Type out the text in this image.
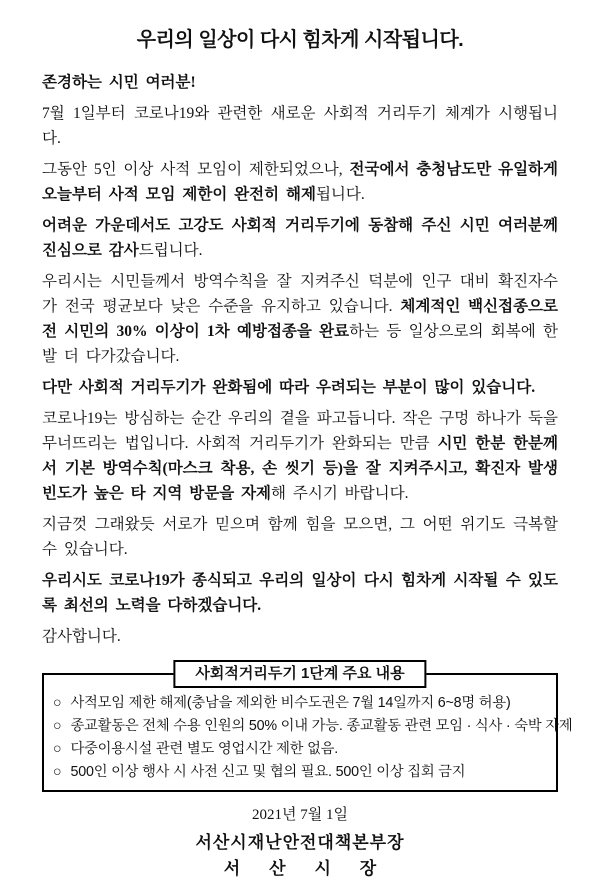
우리의 일상이 다시 힘차게 시작됩니다.

존경하는 시민 여러분!

7월 1일부터 코로나19와 관련한 새로운 사회적 거리두기 체계가 시행됩니다.

그동안 5인 이상 사적 모임이 제한되었으나, 전국에서 충청남도만 유일하게 오늘부터 사적 모임 제한이 완전히 해제됩니다.

어려운 가운데서도 고강도 사회적 거리두기에 동참해 주신 시민 여러분께 진심으로 감사드립니다.

우리시는 시민들께서 방역수칙을 잘 지켜주신 덕분에 인구 대비 확진자수가 전국 평균보다 낮은 수준을 유지하고 있습니다. 체계적인 백신접종으로 전 시민의 30% 이상이 1차 예방접종을 완료하는 등 일상으로의 회복에 한발 더 다가갔습니다.

다만 사회적 거리두기가 완화됨에 따라 우려되는 부분이 많이 있습니다.

코로나19는 방심하는 순간 우리의 곁을 파고듭니다. 작은 구멍 하나가 둑을 무너뜨리는 법입니다. 사회적 거리두기가 완화되는 만큼 시민 한분 한분께서 기본 방역수칙(마스크 착용, 손 씻기 등)을 잘 지켜주시고, 확진자 발생 빈도가 높은 타 지역 방문을 자제해 주시기 바랍니다.

지금껏 그래왔듯 서로가 믿으며 함께 힘을 모으면, 그 어떤 위기도 극복할 수 있습니다.

우리시도 코로나19가 종식되고 우리의 일상이 다시 힘차게 시작될 수 있도록 최선의 노력을 다하겠습니다.

감사합니다.

사회적거리두기 1단계 주요 내용
○ 사적모임 제한 해제(충남을 제외한 비수도권은 7월 14일까지 6~8명 허용)
○ 종교활동은 전체 수용 인원의 50% 이내 가능. 종교활동 관련 모임 · 식사 · 숙박 자제
○ 다중이용시설 관련 별도 영업시간 제한 없음.
○ 500인 이상 행사 시 사전 신고 및 협의 필요. 500인 이상 집회 금지
2021년 7월 1일
서산시재난안전대책본부장
서산시장
